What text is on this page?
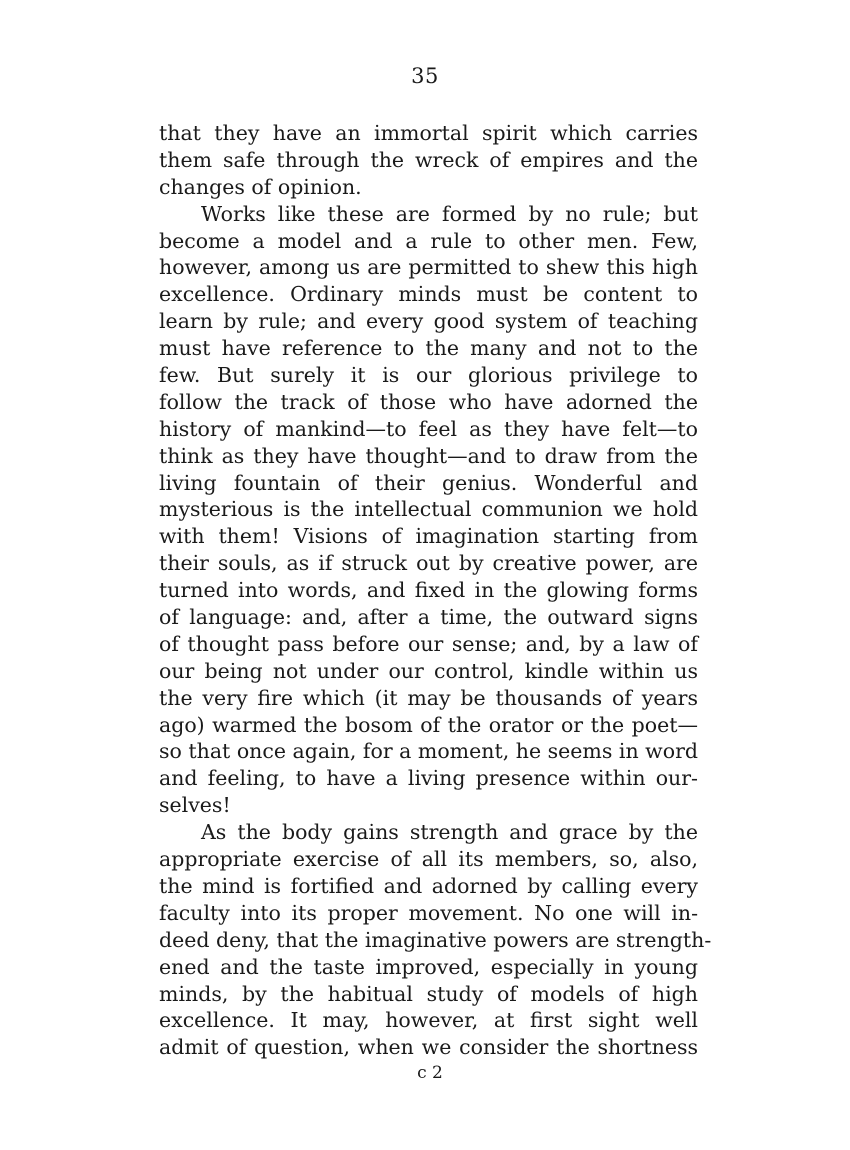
35
that they have an immortal spirit which carries
them safe through the wreck of empires and the
changes of opinion.
Works like these are formed by no rule; but
become a model and a rule to other men. Few,
however, among us are permitted to shew this high
excellence. Ordinary minds must be content to
learn by rule; and every good system of teaching
must have reference to the many and not to the
few. But surely it is our glorious privilege to
follow the track of those who have adorned the
history of mankind—to feel as they have felt—to
think as they have thought—and to draw from the
living fountain of their genius. Wonderful and
mysterious is the intellectual communion we hold
with them! Visions of imagination starting from
their souls, as if struck out by creative power, are
turned into words, and fixed in the glowing forms
of language: and, after a time, the outward signs
of thought pass before our sense; and, by a law of
our being not under our control, kindle within us
the very fire which (it may be thousands of years
ago) warmed the bosom of the orator or the poet—
so that once again, for a moment, he seems in word
and feeling, to have a living presence within our-
selves!
As the body gains strength and grace by the
appropriate exercise of all its members, so, also,
the mind is fortified and adorned by calling every
faculty into its proper movement. No one will in-
deed deny, that the imaginative powers are strength-
ened and the taste improved, especially in young
minds, by the habitual study of models of high
excellence. It may, however, at first sight well
admit of question, when we consider the shortness
c 2
